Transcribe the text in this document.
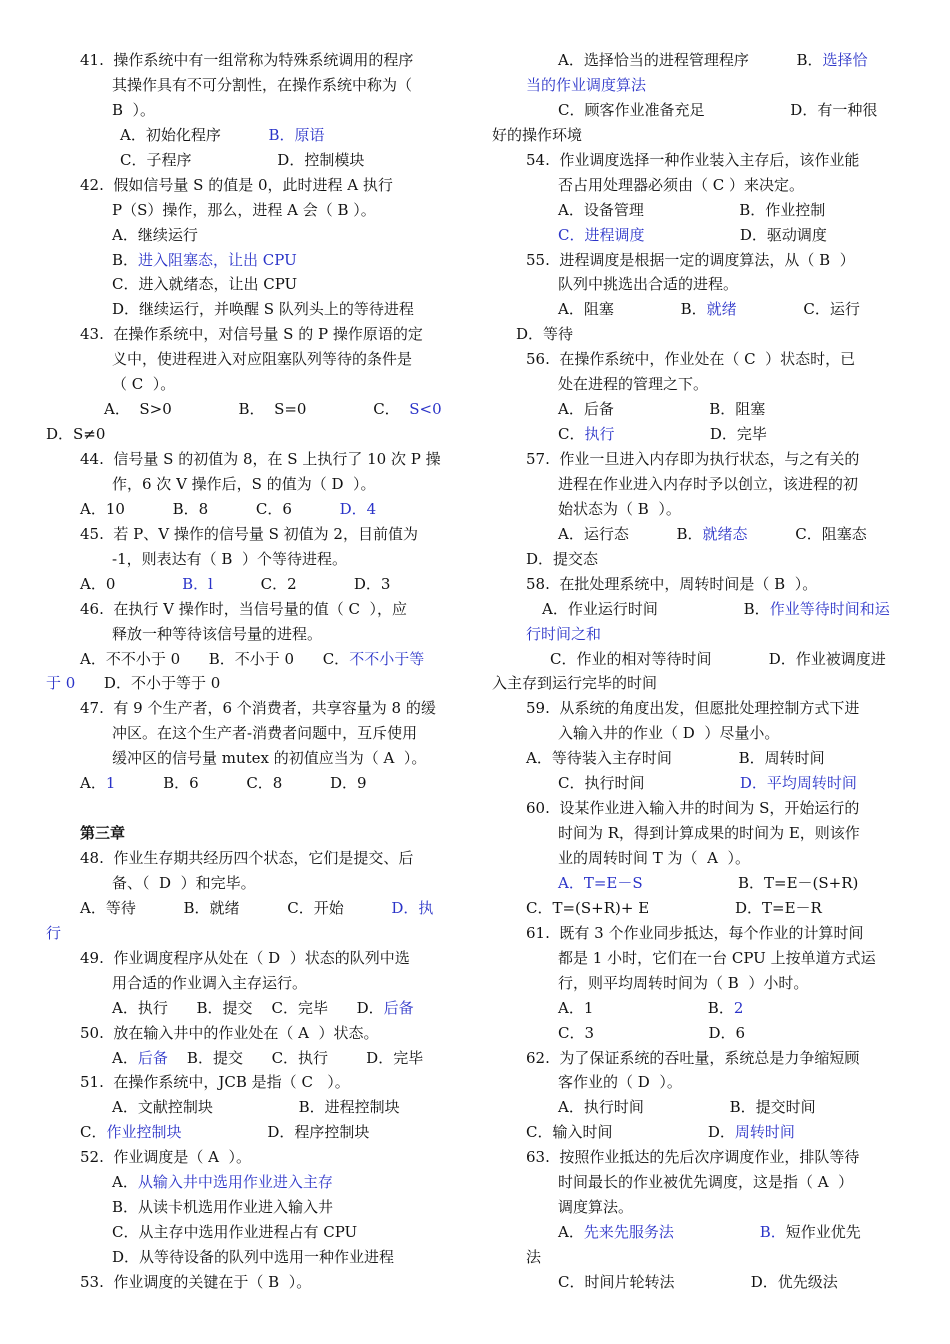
41.  操作系统中有一组常称为特殊系统调用的程序
其操作具有不可分割性，在操作系统中称为（
B  ）。
A．初始化程序	B．原语
C．子程序                  D．控制模块
42.  假如信号量 S 的值是 0，此时进程 A 执行
P（S）操作，那么，进程 A 会（ B ）。
A．继续运行
B．进入阻塞态，让出 CPU
C．进入就绪态，让出 CPU
D．继续运行，并唤醒 S 队列头上的等待进程
43.  在操作系统中，对信号量 S 的 P 操作原语的定
义中，使进程进入对应阻塞队列等待的条件是
（ C  ）。
A．  S>0              B．  S=0              C．  S<0
D．S≠0
44.  信号量 S 的初值为 8，在 S 上执行了 10 次 P 操
作，6 次 V 操作后，S 的值为（ D  ）。
A．10          B．8          C．6          D．4
45.  若 P、V 操作的信号量 S 初值为 2，目前值为
-1，则表达有（ B  ）个等待进程。
A．0              B．l          C．2            D．3
46.  在执行 V 操作时，当信号量的值（ C  ），应
释放一种等待该信号量的进程。
A．不不小于 0      B．不小于 0      C．不不小于等
于 0      D．不小于等于 0
47.  有 9 个生产者，6 个消费者，共享容量为 8 的缓
冲区。在这个生产者-消费者问题中，互斥使用
缓冲区的信号量 mutex 的初值应当为（ A  ）。
A．1          B．6          C．8          D．9
第三章
48.  作业生存期共经历四个状态，它们是提交、后
备、（  D  ）和完毕。
A．等待          B．就绪          C．开始          D．执
行
49.  作业调度程序从处在（ D  ）状态的队列中选
用合适的作业调入主存运行。
A．执行      B．提交    C．完毕      D．后备
50.  放在输入井中的作业处在（ A  ）状态。
A．后备    B．提交      C．执行        D．完毕
51.  在操作系统中，JCB 是指（ C   ）。
A．文献控制块                  B．进程控制块
C．作业控制块                  D．程序控制块
52.  作业调度是（ A  ）。
A．从输入井中选用作业进入主存
B．从读卡机选用作业进入输入井
C．从主存中选用作业进程占有 CPU
D．从等待设备的队列中选用一种作业进程
53.  作业调度的关键在于（ B  ）。
A．选择恰当的进程管理程序          B．选择恰
当的作业调度算法
C．顾客作业准备充足                  D．有一种很
好的操作环境
54.  作业调度选择一种作业装入主存后，该作业能
否占用处理器必须由（ C ）来决定。
A．设备管理                    B．作业控制
C．进程调度                    D．驱动调度
55.  进程调度是根据一定的调度算法，从（ B  ）
队列中挑选出合适的进程。
A．阻塞              B．就绪              C．运行
D．等待
56.  在操作系统中，作业处在（ C  ）状态时，已
处在进程的管理之下。
A．后备                    B．阻塞
C．执行                    D．完毕
57.  作业一旦进入内存即为执行状态，与之有关的
进程在作业进入内存时予以创立，该进程的初
始状态为（ B  ）。
A．运行态          B．就绪态          C．阻塞态
D．提交态
58.  在批处理系统中，周转时间是（ B  ）。
A．作业运行时间                  B．作业等待时间和运
行时间之和
C．作业的相对等待时间            D．作业被调度进
入主存到运行完毕的时间
59.  从系统的角度出发，但愿批处理控制方式下进
入输入井的作业（ D  ）尽量小。
A．等待装入主存时间              B．周转时间
C．执行时间                    D．平均周转时间
60.  设某作业进入输入井的时间为 S，开始运行的
时间为 R，得到计算成果的时间为 E，则该作
业的周转时间 T 为（  A  ）。
A．T=E－S                    B．T=E－(S+R)
C．T=(S+R)+ E                  D．T=E－R
61.  既有 3 个作业同步抵达，每个作业的计算时间
都是 1 小时，它们在一台 CPU 上按单道方式运
行，则平均周转时间为（ B  ）小时。
A．1                        B．2
C．3                        D．6
62.  为了保证系统的吞吐量，系统总是力争缩短顾
客作业的（ D  ）。
A．执行时间                  B．提交时间
C．输入时间                    D．周转时间
63.  按照作业抵达的先后次序调度作业，排队等待
时间最长的作业被优先调度，这是指（ A  ）
调度算法。
A．先来先服务法	B．短作业优先
法
C．时间片轮转法                D．优先级法
